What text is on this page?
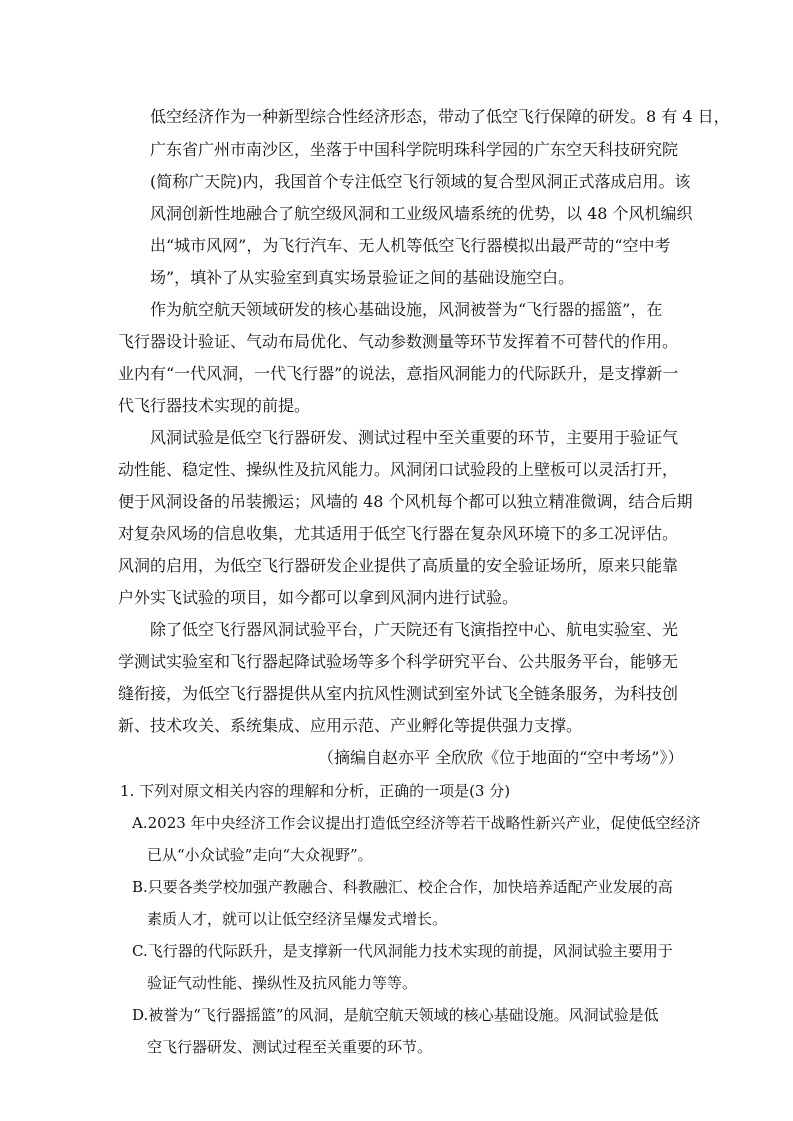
低空经济作为一种新型综合性经济形态，带动了低空飞行保障的研发。8 有 4 日，
广东省广州市南沙区，坐落于中国科学院明珠科学园的广东空天科技研究院
(简称广天院)内，我国首个专注低空飞行领域的复合型风洞正式落成启用。该
风洞创新性地融合了航空级风洞和工业级风墙系统的优势，以 48 个风机编织
出“城市风网”，为飞行汽车、无人机等低空飞行器模拟出最严苛的“空中考
场”，填补了从实验室到真实场景验证之间的基础设施空白。
作为航空航天领域研发的核心基础设施，风洞被誉为“飞行器的摇篮”，在
飞行器设计验证、气动布局优化、气动参数测量等环节发挥着不可替代的作用。
业内有“一代风洞，一代飞行器”的说法，意指风洞能力的代际跃升，是支撑新一
代飞行器技术实现的前提。
风洞试验是低空飞行器研发、测试过程中至关重要的环节，主要用于验证气
动性能、稳定性、操纵性及抗风能力。风洞闭口试验段的上壁板可以灵活打开，
便于风洞设备的吊装搬运；风墙的 48 个风机每个都可以独立精准微调，结合后期
对复杂风场的信息收集，尤其适用于低空飞行器在复杂风环境下的多工况评估。
风洞的启用，为低空飞行器研发企业提供了高质量的安全验证场所，原来只能靠
户外实飞试验的项目，如今都可以拿到风洞内进行试验。
除了低空飞行器风洞试验平台，广天院还有飞演指控中心、航电实验室、光
学测试实验室和飞行器起降试验场等多个科学研究平台、公共服务平台，能够无
缝衔接，为低空飞行器提供从室内抗风性测试到室外试飞全链条服务，为科技创
新、技术攻关、系统集成、应用示范、产业孵化等提供强力支撑。
（摘编自赵亦平 全欣欣《位于地面的“空中考场”》）
1. 下列对原文相关内容的理解和分析，正确的一项是(3 分)
A.2023 年中央经济工作会议提出打造低空经济等若干战略性新兴产业，促使低空经济
已从“小众试验”走向“大众视野”。
B.只要各类学校加强产教融合、科教融汇、校企合作，加快培养适配产业发展的高
素质人才，就可以让低空经济呈爆发式增长。
C.飞行器的代际跃升，是支撑新一代风洞能力技术实现的前提，风洞试验主要用于
验证气动性能、操纵性及抗风能力等等。
D.被誉为“飞行器摇篮”的风洞，是航空航天领域的核心基础设施。风洞试验是低
空飞行器研发、测试过程至关重要的环节。
